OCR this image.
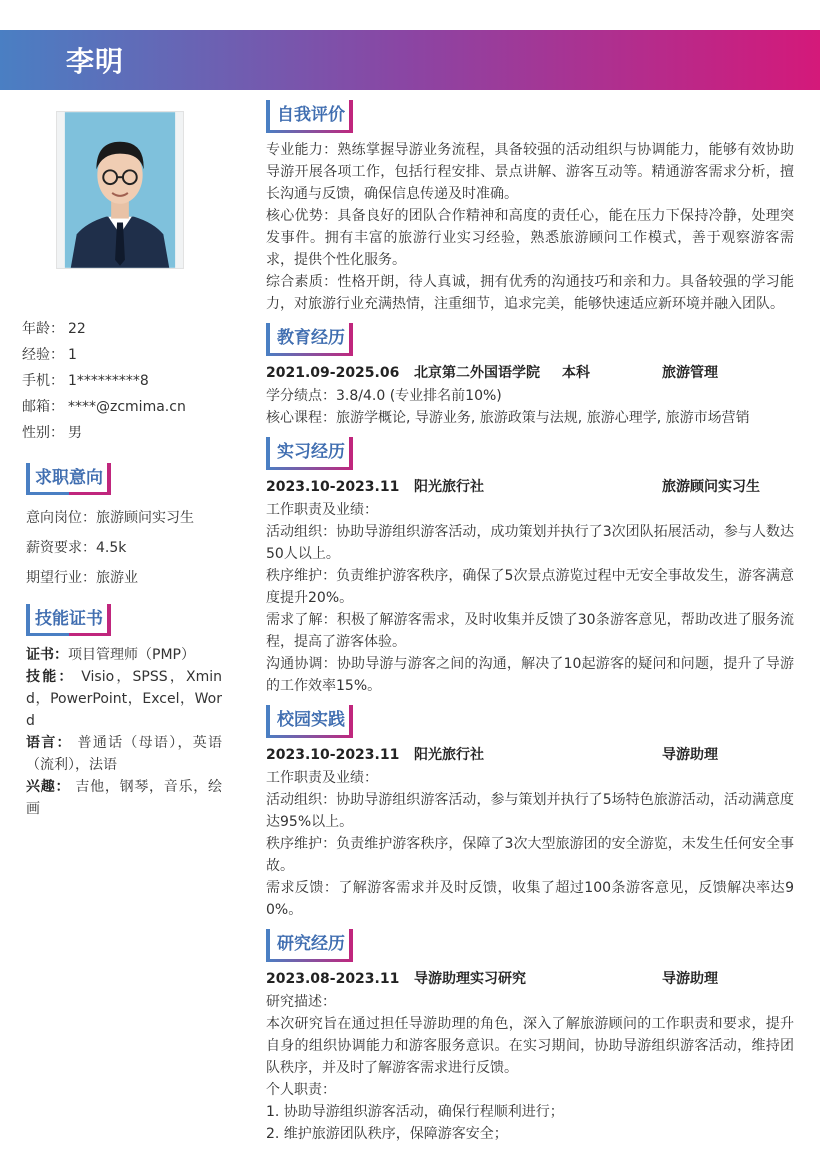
李明
年龄： 22
经验： 1
手机： 1*********8
邮箱： ****@zcmima.cn
性别： 男
求职意向
意向岗位：旅游顾问实习生
薪资要求：4.5k
期望行业：旅游业
技能证书
证书：项目管理师（PMP）
技能： Visio，SPSS，Xmind，PowerPoint，Excel，Word
语言： 普通话（母语），英语（流利），法语
兴趣： 吉他，钢琴，音乐，绘画
自我评价
专业能力：熟练掌握导游业务流程，具备较强的活动组织与协调能力，能够有效协助导游开展各项工作，包括行程安排、景点讲解、游客互动等。精通游客需求分析，擅长沟通与反馈，确保信息传递及时准确。
核心优势：具备良好的团队合作精神和高度的责任心，能在压力下保持冷静，处理突发事件。拥有丰富的旅游行业实习经验，熟悉旅游顾问工作模式，善于观察游客需求，提供个性化服务。
综合素质：性格开朗，待人真诚，拥有优秀的沟通技巧和亲和力。具备较强的学习能力，对旅游行业充满热情，注重细节，追求完美，能够快速适应新环境并融入团队。
教育经历
2021.09-2025.06	北京第二外国语学院	本科	旅游管理
学分绩点：3.8/4.0 (专业排名前10%)
核心课程：旅游学概论, 导游业务, 旅游政策与法规, 旅游心理学, 旅游市场营销
实习经历
2023.10-2023.11	阳光旅行社	旅游顾问实习生
工作职责及业绩：
活动组织：协助导游组织游客活动，成功策划并执行了3次团队拓展活动，参与人数达50人以上。
秩序维护：负责维护游客秩序，确保了5次景点游览过程中无安全事故发生，游客满意度提升20%。
需求了解：积极了解游客需求，及时收集并反馈了30条游客意见，帮助改进了服务流程，提高了游客体验。
沟通协调：协助导游与游客之间的沟通，解决了10起游客的疑问和问题，提升了导游的工作效率15%。
校园实践
2023.10-2023.11	阳光旅行社	导游助理
工作职责及业绩：
活动组织：协助导游组织游客活动，参与策划并执行了5场特色旅游活动，活动满意度达95%以上。
秩序维护：负责维护游客秩序，保障了3次大型旅游团的安全游览，未发生任何安全事故。
需求反馈：了解游客需求并及时反馈，收集了超过100条游客意见，反馈解决率达90%。
研究经历
2023.08-2023.11	导游助理实习研究	导游助理
研究描述：
本次研究旨在通过担任导游助理的角色，深入了解旅游顾问的工作职责和要求，提升自身的组织协调能力和游客服务意识。在实习期间，协助导游组织游客活动，维持团队秩序，并及时了解游客需求进行反馈。
个人职责：
1. 协助导游组织游客活动，确保行程顺利进行；
2. 维护旅游团队秩序，保障游客安全；
